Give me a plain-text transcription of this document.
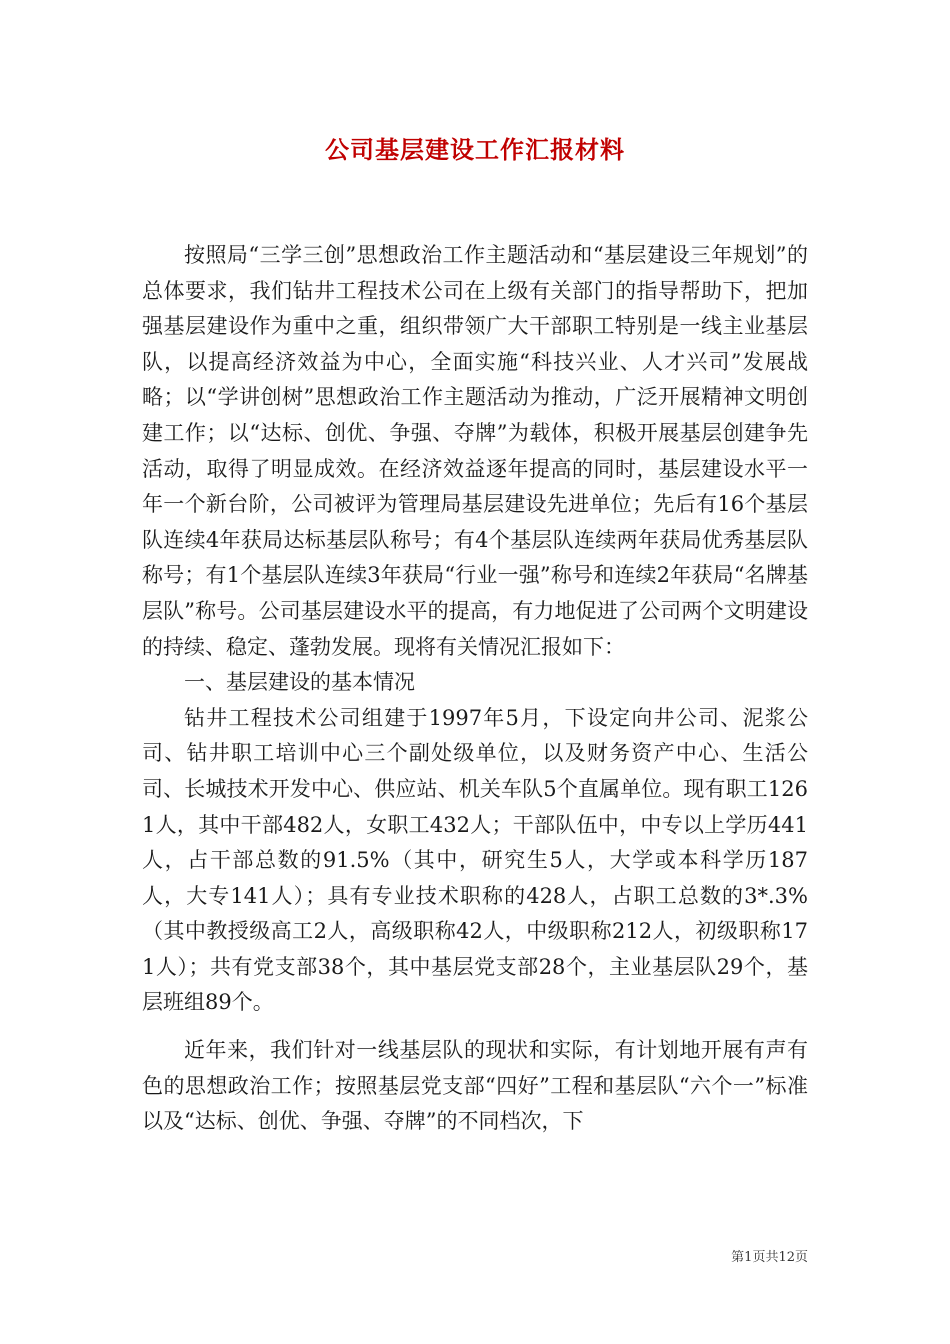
公司基层建设工作汇报材料

按照局“三学三创”思想政治工作主题活动和“基层建设三年规划”的总体要求，我们钻井工程技术公司在上级有关部门的指导帮助下，把加强基层建设作为重中之重，组织带领广大干部职工特别是一线主业基层队，以提高经济效益为中心，全面实施“科技兴业、人才兴司”发展战略；以“学讲创树”思想政治工作主题活动为推动，广泛开展精神文明创建工作；以“达标、创优、争强、夺牌”为载体，积极开展基层创建争先活动，取得了明显成效。在经济效益逐年提高的同时，基层建设水平一年一个新台阶，公司被评为管理局基层建设先进单位；先后有16个基层队连续4年获局达标基层队称号；有4个基层队连续两年获局优秀基层队称号；有1个基层队连续3年获局“行业一强”称号和连续2年获局“名牌基层队”称号。公司基层建设水平的提高，有力地促进了公司两个文明建设的持续、稳定、蓬勃发展。现将有关情况汇报如下：

一、基层建设的基本情况

钻井工程技术公司组建于1997年5月，下设定向井公司、泥浆公司、钻井职工培训中心三个副处级单位，以及财务资产中心、生活公司、长城技术开发中心、供应站、机关车队5个直属单位。现有职工1261人，其中干部482人，女职工432人；干部队伍中，中专以上学历441人，占干部总数的91.5%（其中，研究生5人，大学或本科学历187人，大专141人）；具有专业技术职称的428人，占职工总数的3*.3%（其中教授级高工2人，高级职称42人，中级职称212人，初级职称171人）；共有党支部38个，其中基层党支部28个，主业基层队29个，基层班组89个。

近年来，我们针对一线基层队的现状和实际，有计划地开展有声有色的思想政治工作；按照基层党支部“四好”工程和基层队“六个一”标准以及“达标、创优、争强、夺牌”的不同档次，下

第1页共12页
